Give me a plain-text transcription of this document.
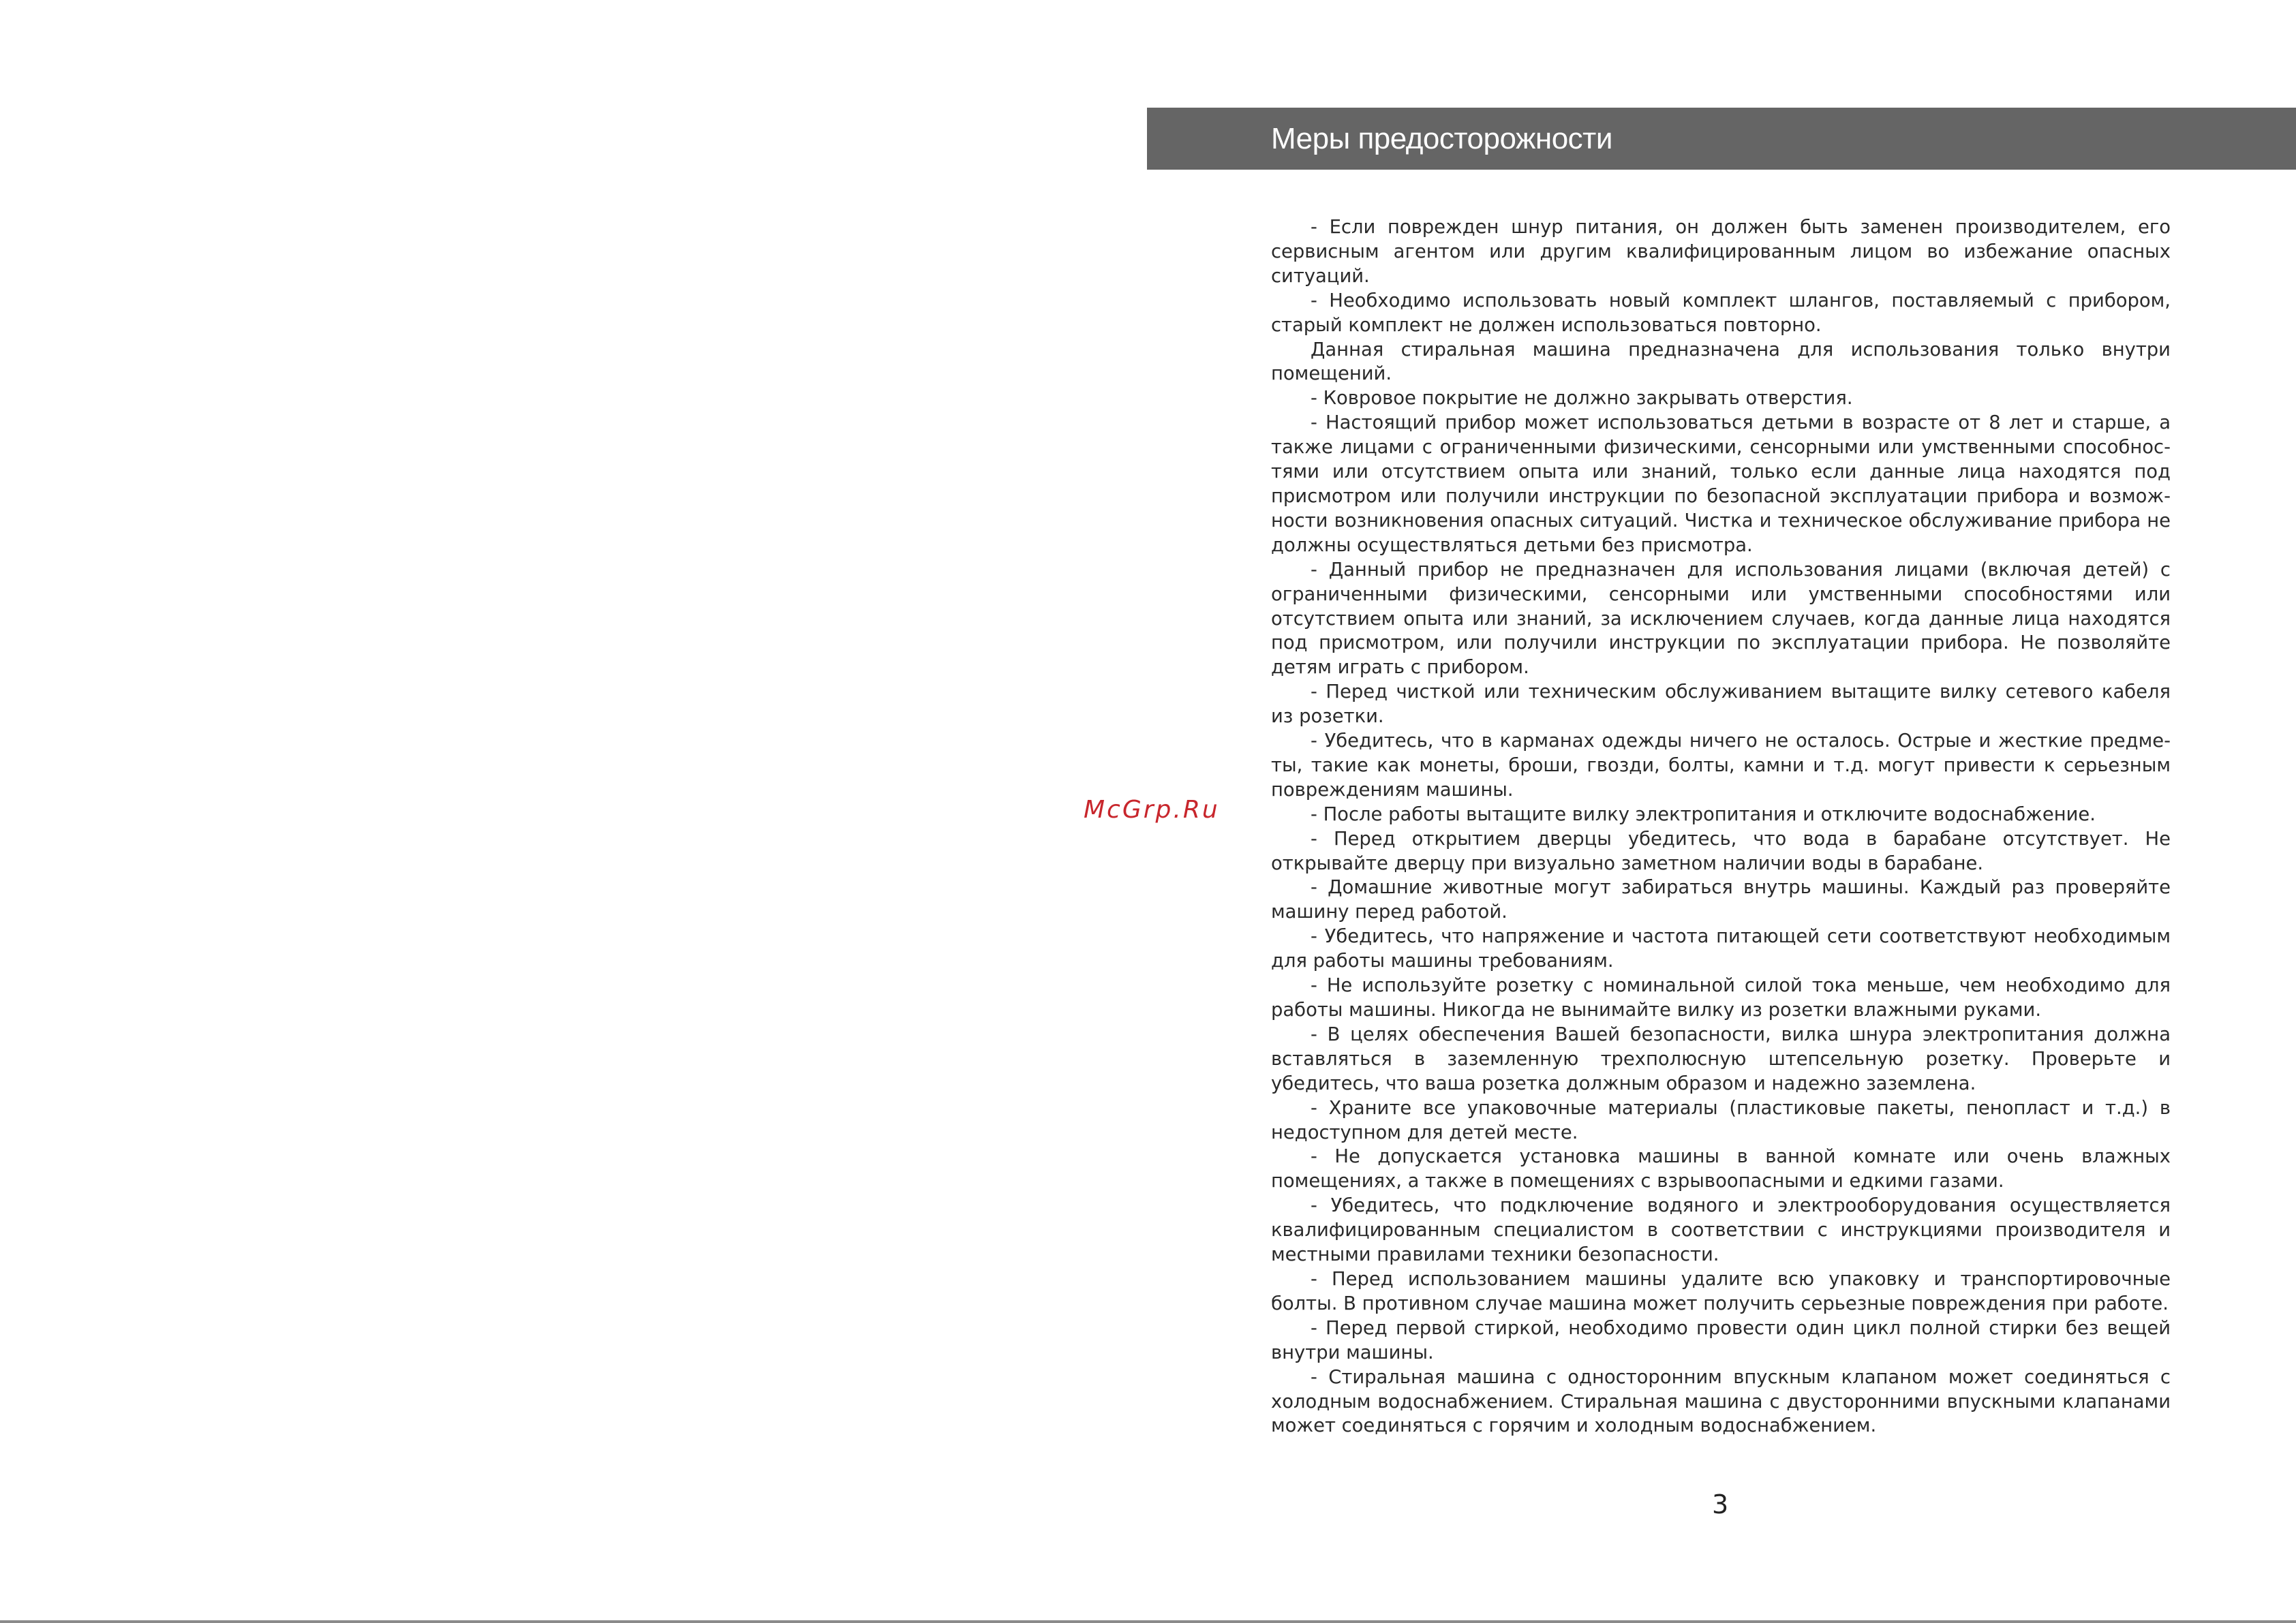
Меры предосторожности
McGrp.Ru

- Если поврежден шнур питания, он должен быть заменен производителем, его сервисным агентом или другим квалифицированным лицом во избежание опасных ситуаций.

- Необходимо использовать новый комплект шлангов, поставляемый с прибором, старый комплект не должен использоваться повторно.

Данная стиральная машина предназначена для использования только внутри помещений.

- Ковровое покрытие не должно закрывать отверстия.

- Настоящий прибор может использоваться детьми в возрасте от 8 лет и старше, а также лицами с ограниченными физическими, сенсорными или умственными способностями или отсутствием опыта или знаний, только если данные лица находятся под присмотром или получили инструкции по безопасной эксплуатации прибора и возможности возникновения опасных ситуаций. Чистка и техническое обслуживание прибора не должны осуществляться детьми без присмотра.

- Данный прибор не предназначен для использования лицами (включая детей) с ограниченными физическими, сенсорными или умственными способностями или отсутствием опыта или знаний, за исключением случаев, когда данные лица находятся под присмотром, или получили инструкции по эксплуатации прибора. Не позволяйте детям играть с прибором.

- Перед чисткой или техническим обслуживанием вытащите вилку сетевого кабеля из розетки.

- Убедитесь, что в карманах одежды ничего не осталось. Острые и жесткие предметы, такие как монеты, броши, гвозди, болты, камни и т.д. могут привести к серьезным повреждениям машины.

- После работы вытащите вилку электропитания и отключите водоснабжение.

- Перед открытием дверцы убедитесь, что вода в барабане отсутствует. Не открывайте дверцу при визуально заметном наличии воды в барабане.

- Домашние животные могут забираться внутрь машины. Каждый раз проверяйте машину перед работой.

- Убедитесь, что напряжение и частота питающей сети соответствуют необходимым для работы машины требованиям.

- Не используйте розетку с номинальной силой тока меньше, чем необходимо для работы машины. Никогда не вынимайте вилку из розетки влажными руками.

- В целях обеспечения Вашей безопасности, вилка шнура электропитания должна вставляться в заземленную трехполюсную штепсельную розетку. Проверьте и убедитесь, что ваша розетка должным образом и надежно заземлена.

- Храните все упаковочные материалы (пластиковые пакеты, пенопласт и т.д.) в недоступном для детей месте.

- Не допускается установка машины в ванной комнате или очень влажных помещениях, а также в помещениях с взрывоопасными и едкими газами.

- Убедитесь, что подключение водяного и электрооборудования осуществляется квалифицированным специалистом в соответствии с инструкциями производителя и местными правилами техники безопасности.

- Перед использованием машины удалите всю упаковку и транспортировочные болты. В противном случае машина может получить серьезные повреждения при работе.

- Перед первой стиркой, необходимо провести один цикл полной стирки без вещей внутри машины.

- Стиральная машина с односторонним впускным клапаном может соединяться с холодным водоснабжением. Стиральная машина с двусторонними впускными клапанами может соединяться с горячим и холодным водоснабжением.

3
